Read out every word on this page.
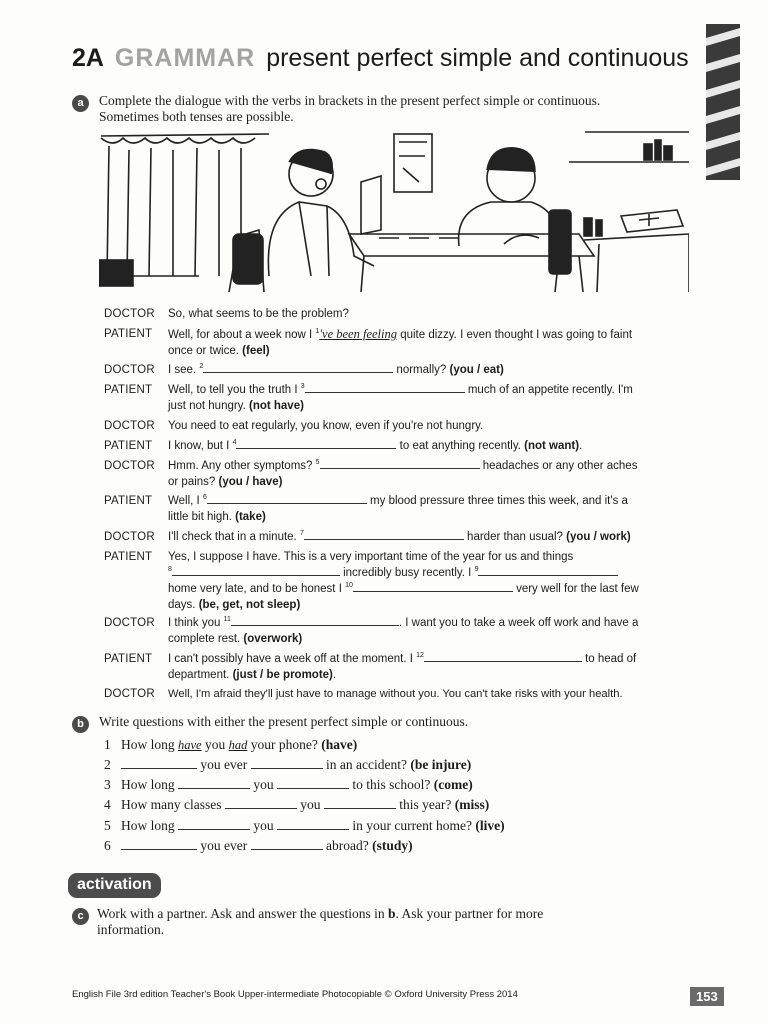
2A GRAMMAR present perfect simple and continuous
a	Complete the dialogue with the verbs in brackets in the present perfect simple or continuous.
Sometimes both tenses are possible.
DOCTOR	So, what seems to be the problem?
PATIENT	Well, for about a week now I $^1$'ve been feeling quite dizzy. I even thought I was going to faint
once or twice. (feel)
DOCTOR	I see. $^2$	normally? (you / eat)
PATIENT	Well, to tell you the truth I $^3$	much of an appetite recently. I'm
just not hungry. (not have)
DOCTOR	You need to eat regularly, you know, even if you're not hungry.
PATIENT	I know, but I $^4$	to eat anything recently. (not want).
DOCTOR	Hmm. Any other symptoms? $^5$	headaches or any other aches
or pains? (you / have)
PATIENT	Well, I $^6$	my blood pressure three times this week, and it's a
little bit high. (take)
DOCTOR	I'll check that in a minute. $^7$	harder than usual? (you / work)
PATIENT	Yes, I suppose I have. This is a very important time of the year for us and things
$^8$	incredibly busy recently. I $^9$
home very late, and to be honest I $^{10}$	very well for the last few
days. (be, get, not sleep)
DOCTOR	I think you $^{11}$	. I want you to take a week off work and have a
complete rest. (overwork)
PATIENT	I can't possibly have a week off at the moment. I $^{12}$	to head of
department. (just / be promote).
DOCTOR	Well, I'm afraid they'll just have to manage without you. You can't take risks with your health.
b	Write questions with either the present perfect simple or continuous.
1 How long have you had your phone? (have)
2	you ever	in an accident? (be injure)
3 How long	you	to this school? (come)
4 How many classes	you	this year? (miss)
5 How long	you	in your current home? (live)
6	you ever	abroad? (study)
activation
c Work with a partner. Ask and answer the questions in b. Ask your partner for more
information.
English File 3rd edition Teacher's Book Upper-intermediate Photocopiable © Oxford University Press 2014	153
